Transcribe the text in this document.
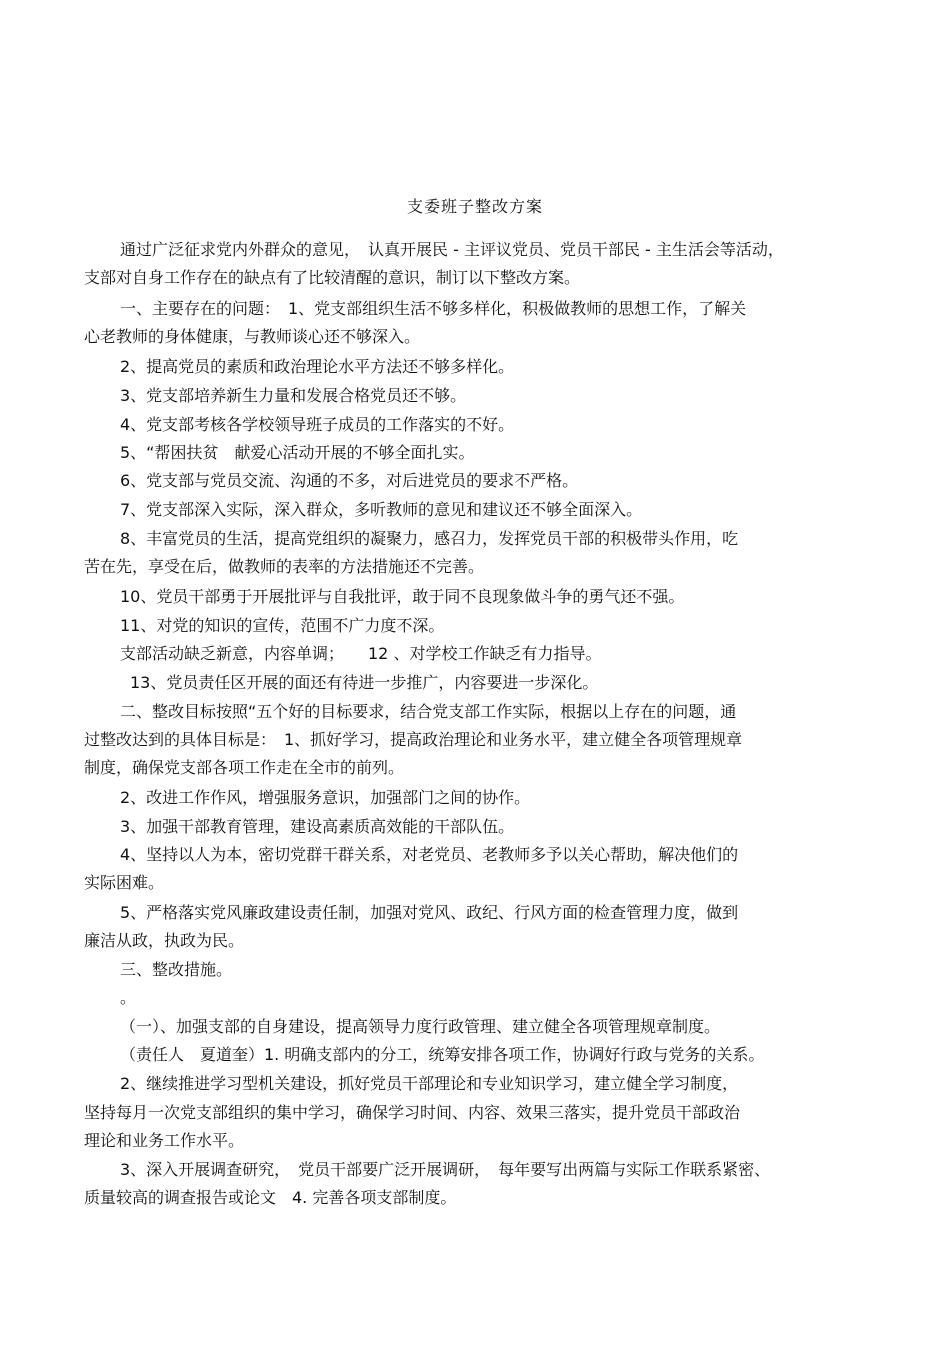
支委班子整改方案
通过广泛征求党内外群众的意见，　认真开展民 - 主评议党员、党员干部民 - 主生活会等活动，
支部对自身工作存在的缺点有了比较清醒的意识，制订以下整改方案。
一、主要存在的问题：　1、党支部组织生活不够多样化，积极做教师的思想工作，了解关
心老教师的身体健康，与教师谈心还不够深入。
2、提高党员的素质和政治理论水平方法还不够多样化。
3、党支部培养新生力量和发展合格党员还不够。
4、党支部考核各学校领导班子成员的工作落实的不好。
5、“帮困扶贫　献爱心活动开展的不够全面扎实。
6、党支部与党员交流、沟通的不多，对后进党员的要求不严格。
7、党支部深入实际，深入群众，多听教师的意见和建议还不够全面深入。
8、丰富党员的生活，提高党组织的凝聚力，感召力，发挥党员干部的积极带头作用，吃
苦在先，享受在后，做教师的表率的方法措施还不完善。
10、党员干部勇于开展批评与自我批评，敢于同不良现象做斗争的勇气还不强。
11、对党的知识的宣传，范围不广力度不深。
支部活动缺乏新意，内容单调；　　12 、对学校工作缺乏有力指导。
13、党员责任区开展的面还有待进一步推广，内容要进一步深化。
二、整改目标按照“五个好的目标要求，结合党支部工作实际，根据以上存在的问题，通
过整改达到的具体目标是：　1、抓好学习，提高政治理论和业务水平，建立健全各项管理规章
制度，确保党支部各项工作走在全市的前列。
2、改进工作作风，增强服务意识，加强部门之间的协作。
3、加强干部教育管理，建设高素质高效能的干部队伍。
4、坚持以人为本，密切党群干群关系，对老党员、老教师多予以关心帮助，解决他们的
实际困难。
5、严格落实党风廉政建设责任制，加强对党风、政纪、行风方面的检查管理力度，做到
廉洁从政，执政为民。
三、整改措施。
。
（一）、加强支部的自身建设，提高领导力度行政管理、建立健全各项管理规章制度。
（责任人　夏道奎）1. 明确支部内的分工，统筹安排各项工作，协调好行政与党务的关系。
2、继续推进学习型机关建设，抓好党员干部理论和专业知识学习，建立健全学习制度，
坚持每月一次党支部组织的集中学习，确保学习时间、内容、效果三落实，提升党员干部政治
理论和业务工作水平。
3、深入开展调查研究，　党员干部要广泛开展调研，　每年要写出两篇与实际工作联系紧密、
质量较高的调查报告或论文　4. 完善各项支部制度。
